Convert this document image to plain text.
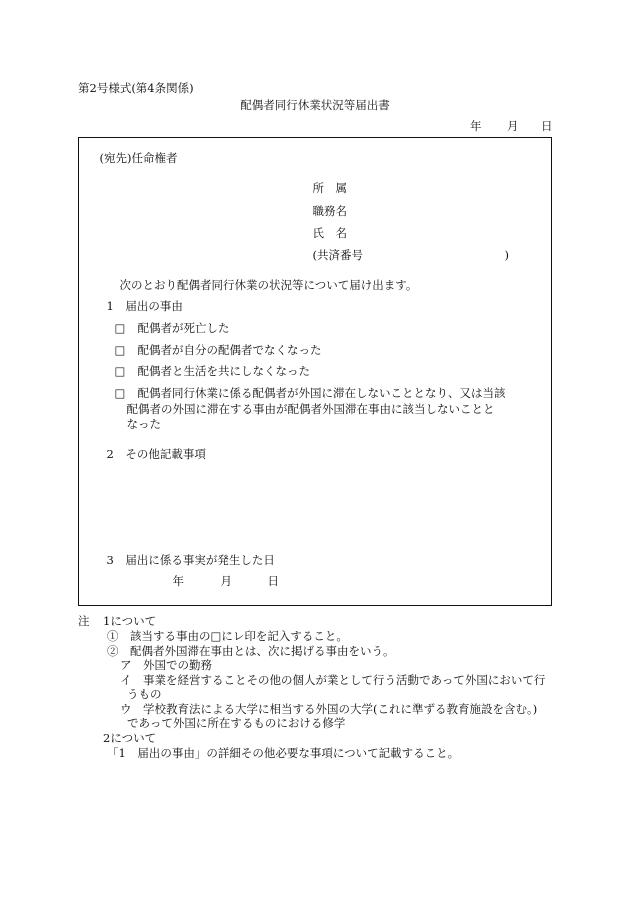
第2号様式(第4条関係)
配偶者同行休業状況等届出書
年 月 日
(宛先)任命権者
所　属
職務名
氏　名
(共済番号	)
次のとおり配偶者同行休業の状況等について届け出ます。
1　届出の事由
□ 配偶者が死亡した
□ 配偶者が自分の配偶者でなくなった
□ 配偶者と生活を共にしなくなった
□ 配偶者同行休業に係る配偶者が外国に滞在しないこととなり、又は当該
配偶者の外国に滞在する事由が配偶者外国滞在事由に該当しないことと
なった
2　その他記載事項
3　届出に係る事実が発生した日
年	月	日
注 1について
①　該当する事由の□にレ印を記入すること。
②　配偶者外国滞在事由とは、次に掲げる事由をいう。
ア　外国での勤務
イ　事業を経営することその他の個人が業として行う活動であって外国において行
うもの
ウ　学校教育法による大学に相当する外国の大学(これに準ずる教育施設を含む。)
であって外国に所在するものにおける修学
2について
「1　届出の事由」の詳細その他必要な事項について記載すること。
